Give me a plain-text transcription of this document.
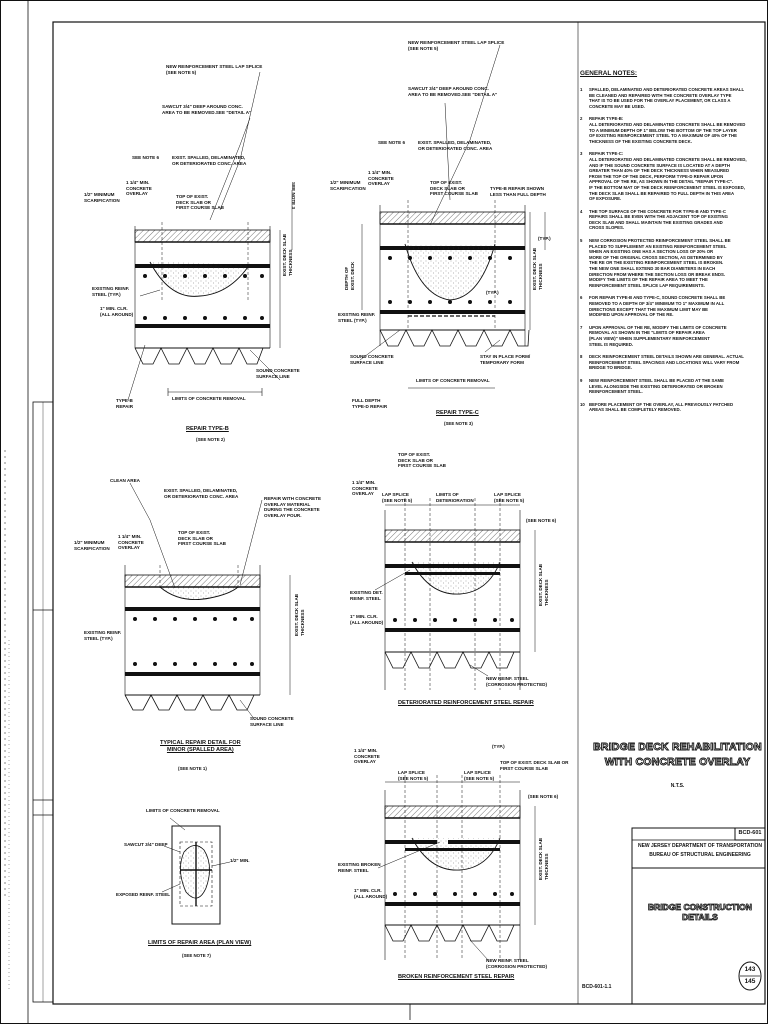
NEW REINFORCEMENT STEEL LAP SPLICE
(SEE NOTE 5)
SAWCUT 3/4" DEEP AROUND CONC.
AREA TO BE REMOVED.SEE "DETAIL A"
SEE NOTE 6	EXIST. SPALLED, DELAMINATED,
OR DETERIORATED CONC. AREA
1 1/4" MIN.
CONCRETE
OVERLAY
1/2" MINIMUM
SCARIFICATION
TOP OF EXIST.
DECK SLAB OR
FIRST COURSE SLAB	SEE NOTE 3
EXISTING REINF.
STEEL (TYP.)
1" MIN. CLR.
(ALL AROUND)
EXIST. DECK SLAB
THICKNESS
SOUND CONCRETE
SURFACE LINE
LIMITS OF CONCRETE REMOVAL
TYPE-B
REPAIR
REPAIR TYPE-B
(SEE NOTE 2)
NEW REINFORCEMENT STEEL LAP SPLICE
(SEE NOTE 5)
SAWCUT 3/4" DEEP AROUND CONC.
AREA TO BE REMOVED.SEE "DETAIL A"
SEE NOTE 6	EXIST. SPALLED, DELAMINATED,
OR DETERIORATED CONC. AREA
1 1/4" MIN.
CONCRETE
OVERLAY
1/2" MINIMUM
SCARIFICATION
TOP OF EXIST.
DECK SLAB OR
FIRST COURSE SLAB
TYPE-B REPAIR SHOWN
LESS THAN FULL DEPTH
DEPTH OF
EXIST. DECK
(TYP.)
EXISTING REINF.
STEEL (TYP.)
EXIST. DECK SLAB
THICKNESS
SOUND CONCRETE
SURFACE LINE
STAY IN PLACE FORM/
TEMPORARY FORM
LIMITS OF CONCRETE REMOVAL
FULL DEPTH
TYPE-D REPAIR
(TYP.)
REPAIR TYPE-C
(SEE NOTE 3)
CLEAN AREA
EXIST. SPALLED, DELAMINATED,
OR DETERIORATED CONC. AREA
1/2" MINIMUM
SCARIFICATION
1 1/4" MIN.
CONCRETE
OVERLAY
TOP OF EXIST.
DECK SLAB OR
FIRST COURSE SLAB
REPAIR WITH CONCRETE
OVERLAY MATERIAL
DURING THE CONCRETE
OVERLAY POUR.
EXISTING REINF.
STEEL (TYP.)
EXIST. DECK SLAB
THICKNESS
SOUND CONCRETE
SURFACE LINE
TYPICAL REPAIR DETAIL FOR
MINOR (SPALLED AREA)
(SEE NOTE 1)
1 1/4" MIN.
CONCRETE
OVERLAY
TOP OF EXIST.
DECK SLAB OR
FIRST COURSE SLAB
LAP SPLICE
(SEE NOTE 5)
LIMITS OF
DETERIORATION
LAP SPLICE
(SEE NOTE 5)
(SEE NOTE 6)
EXISTING DET.
REINF. STEEL
1" MIN. CLR.
(ALL AROUND)
EXIST. DECK SLAB
THICKNESS
NEW REINF. STEEL
(CORROSION PROTECTED)
DETERIORATED REINFORCEMENT STEEL REPAIR
LIMITS OF CONCRETE REMOVAL
SAWCUT 3/4" DEEP
1/2" MIN.
EXPOSED REINF. STEEL
LIMITS OF REPAIR AREA (PLAN VIEW)
(SEE NOTE 7)
1 1/4" MIN.
CONCRETE
OVERLAY
(TYP.)
TOP OF EXIST. DECK SLAB OR
FIRST COURSE SLAB
LAP SPLICE
(SEE NOTE 5)
LAP SPLICE
(SEE NOTE 5)
(SEE NOTE 6)
EXISTING BROKEN
REINF. STEEL
1" MIN. CLR.
(ALL AROUND)
EXIST. DECK SLAB
THICKNESS
NEW REINF. STEEL
(CORROSION PROTECTED)
BROKEN REINFORCEMENT STEEL REPAIR
GENERAL NOTES:
1	SPALLED, DELAMINATED AND DETERIORATED CONCRETE AREAS SHALL
BE CLEANED AND REPAIRED WITH THE CONCRETE OVERLAY TYPE
THAT IS TO BE USED FOR THE OVERLAY PLACEMENT, OR CLASS A
CONCRETE MAY BE USED.
2	REPAIR TYPE-B:
ALL DETERIORATED AND DELAMINATED CONCRETE SHALL BE REMOVED
TO A MINIMUM DEPTH OF 1" BELOW THE BOTTOM OF THE TOP LAYER
OF EXISTING REINFORCEMENT STEEL TO A MAXIMUM OF 40% OF THE
THICKNESS OF THE EXISTING CONCRETE DECK.
3	REPAIR TYPE-C:
ALL DETERIORATED AND DELAMINATED CONCRETE SHALL BE REMOVED,
AND IF THE SOUND CONCRETE SURFACE IS LOCATED AT A DEPTH
GREATER THAN 40% OF THE DECK THICKNESS WHEN MEASURED
FROM THE TOP OF THE DECK, PERFORM TYPE-D REPAIR UPON
APPROVAL OF THE RE, AS SHOWN IN THE DETAIL "REPAIR TYPE-C".
IF THE BOTTOM MAT OF THE DECK REINFORCEMENT STEEL IS EXPOSED,
THE DECK SLAB SHALL BE REPAIRED TO FULL DEPTH IN THIS AREA
OF EXPOSURE.
4	THE TOP SURFACE OF THE CONCRETE FOR TYPE-B AND TYPE-C
REPAIRS SHALL BE EVEN WITH THE ADJACENT TOP OF EXISTING
DECK SLAB AND SHALL MAINTAIN THE EXISTING GRADES AND
CROSS SLOPES.
5	NEW CORROSION PROTECTED REINFORCEMENT STEEL SHALL BE
PLACED TO SUPPLEMENT AN EXISTING REINFORCEMENT STEEL
WHEN AN EXISTING ONE HAS A SECTION LOSS OF 20% OR
MORE OF THE ORIGINAL CROSS SECTION, AS DETERMINED BY
THE RE OR THE EXISTING REINFORCEMENT STEEL IS BROKEN.
THE NEW ONE SHALL EXTEND 30 BAR DIAMETERS IN EACH
DIRECTION FROM WHERE THE SECTION LOSS OR BREAK ENDS.
MODIFY THE LIMITS OF THE REPAIR AREA TO MEET THE
REINFORCEMENT STEEL SPLICE LAP REQUIREMENTS.
6	FOR REPAIR TYPE-B AND TYPE-C, SOUND CONCRETE SHALL BE
REMOVED TO A DEPTH OF 3/4" MINIMUM TO 1" MAXIMUM IN ALL
DIRECTIONS EXCEPT THAT THE MAXIMUM LIMIT MAY BE
MODIFIED UPON APPROVAL OF THE RE.
7	UPON APPROVAL OF THE RE, MODIFY THE LIMITS OF CONCRETE
REMOVAL AS SHOWN IN THE "LIMITS OF REPAIR AREA
(PLAN VIEW)" WHEN SUPPLEMENTARY REINFORCEMENT
STEEL IS REQUIRED.
8	DECK REINFORCEMENT STEEL DETAILS SHOWN ARE GENERAL. ACTUAL
REINFORCEMENT STEEL SPACINGS AND LOCATIONS WILL VARY FROM
BRIDGE TO BRIDGE.
9	NEW REINFORCEMENT STEEL SHALL BE PLACED AT THE SAME
LEVEL ALONGSIDE THE EXISTING DETERIORATED OR BROKEN
REINFORCEMENT STEEL.
10 BEFORE PLACEMENT OF THE OVERLAY, ALL PREVIOUSLY PATCHED
AREAS SHALL BE COMPLETELY REMOVED.
BRIDGE DECK REHABILITATION
WITH CONCRETE OVERLAY
N.T.S.
BCD-601
NEW JERSEY DEPARTMENT OF TRANSPORTATION
BUREAU OF STRUCTURAL ENGINEERING
BRIDGE CONSTRUCTION DETAILS
143
145
BCD-601-1.1
